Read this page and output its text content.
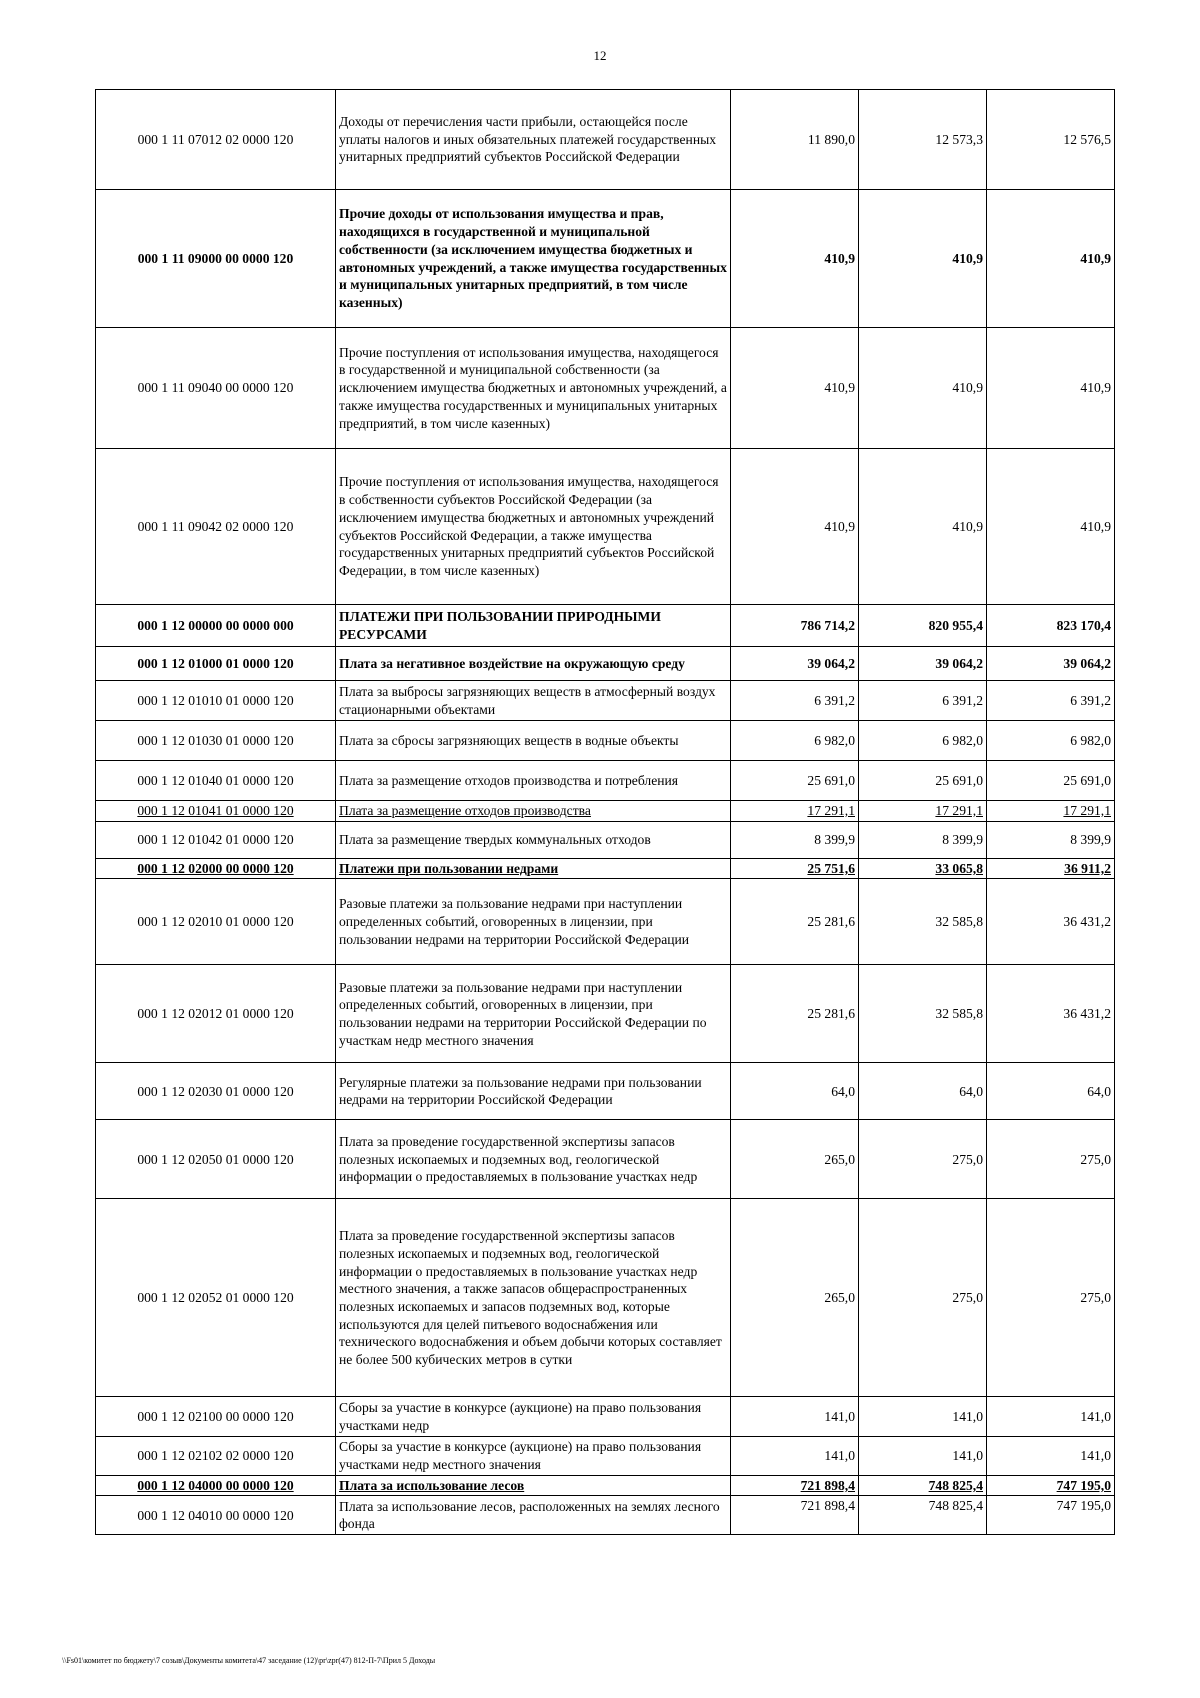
12
000 1 11 07012 02 0000 120	Доходы от перечисления части прибыли, остающейся после уплаты налогов и иных обязательных платежей государственных унитарных предприятий субъектов Российской Федерации	11 890,0	12 573,3	12 576,5
000 1 11 09000 00 0000 120	Прочие доходы от использования имущества и прав, находящихся в государственной и муниципальной собственности (за исключением имущества бюджетных и автономных учреждений, а также имущества государственных и муниципальных унитарных предприятий, в том числе казенных)	410,9	410,9	410,9
000 1 11 09040 00 0000 120	Прочие поступления от использования имущества, находящегося в государственной и муниципальной собственности (за исключением имущества бюджетных и автономных учреждений, а также имущества государственных и муниципальных унитарных предприятий, в том числе казенных)	410,9	410,9	410,9
000 1 11 09042 02 0000 120	Прочие поступления от использования имущества, находящегося в собственности субъектов Российской Федерации (за исключением имущества бюджетных и автономных учреждений субъектов Российской Федерации, а также имущества государственных унитарных предприятий субъектов Российской Федерации, в том числе казенных)	410,9	410,9	410,9
000 1 12 00000 00 0000 000	ПЛАТЕЖИ ПРИ ПОЛЬЗОВАНИИ ПРИРОДНЫМИ РЕСУРСАМИ	786 714,2	820 955,4	823 170,4
000 1 12 01000 01 0000 120	Плата за негативное воздействие на окружающую среду	39 064,2	39 064,2	39 064,2
000 1 12 01010 01 0000 120	Плата за выбросы загрязняющих веществ в атмосферный воздух стационарными объектами	6 391,2	6 391,2	6 391,2
000 1 12 01030 01 0000 120	Плата за сбросы загрязняющих веществ в водные объекты	6 982,0	6 982,0	6 982,0
000 1 12 01040 01 0000 120	Плата за размещение отходов производства и потребления	25 691,0	25 691,0	25 691,0
000 1 12 01041 01 0000 120	Плата за размещение отходов производства	17 291,1	17 291,1	17 291,1
000 1 12 01042 01 0000 120	Плата за размещение твердых коммунальных отходов	8 399,9	8 399,9	8 399,9
000 1 12 02000 00 0000 120	Платежи при пользовании недрами	25 751,6	33 065,8	36 911,2
000 1 12 02010 01 0000 120	Разовые платежи за пользование недрами при наступлении определенных событий, оговоренных в лицензии, при пользовании недрами на территории Российской Федерации	25 281,6	32 585,8	36 431,2
000 1 12 02012 01 0000 120	Разовые платежи за пользование недрами при наступлении определенных событий, оговоренных в лицензии, при пользовании недрами на территории Российской Федерации по участкам недр местного значения	25 281,6	32 585,8	36 431,2
000 1 12 02030 01 0000 120	Регулярные платежи за пользование недрами при пользовании недрами на территории Российской Федерации	64,0	64,0	64,0
000 1 12 02050 01 0000 120	Плата за проведение государственной экспертизы запасов полезных ископаемых и подземных вод, геологической информации о предоставляемых в пользование участках недр	265,0	275,0	275,0
000 1 12 02052 01 0000 120	Плата за проведение государственной экспертизы запасов полезных ископаемых и подземных вод, геологической информации о предоставляемых в пользование участках недр местного значения, а также запасов общераспространенных полезных ископаемых и запасов подземных вод, которые используются для целей питьевого водоснабжения или технического водоснабжения и объем добычи которых составляет не более 500 кубических метров в сутки	265,0	275,0	275,0
000 1 12 02100 00 0000 120	Сборы за участие в конкурсе (аукционе) на право пользования участками недр	141,0	141,0	141,0
000 1 12 02102 02 0000 120	Сборы за участие в конкурсе (аукционе) на право пользования участками недр местного значения	141,0	141,0	141,0
000 1 12 04000 00 0000 120	Плата за использование лесов	721 898,4	748 825,4	747 195,0
000 1 12 04010 00 0000 120	Плата за использование лесов, расположенных на землях лесного фонда	721 898,4	748 825,4	747 195,0
\\Fs01\комитет по бюджету\7 созыв\Документы комитета\47 заседание (12)\pr\zpr(47) 812-П-7\Прил 5 Доходы
